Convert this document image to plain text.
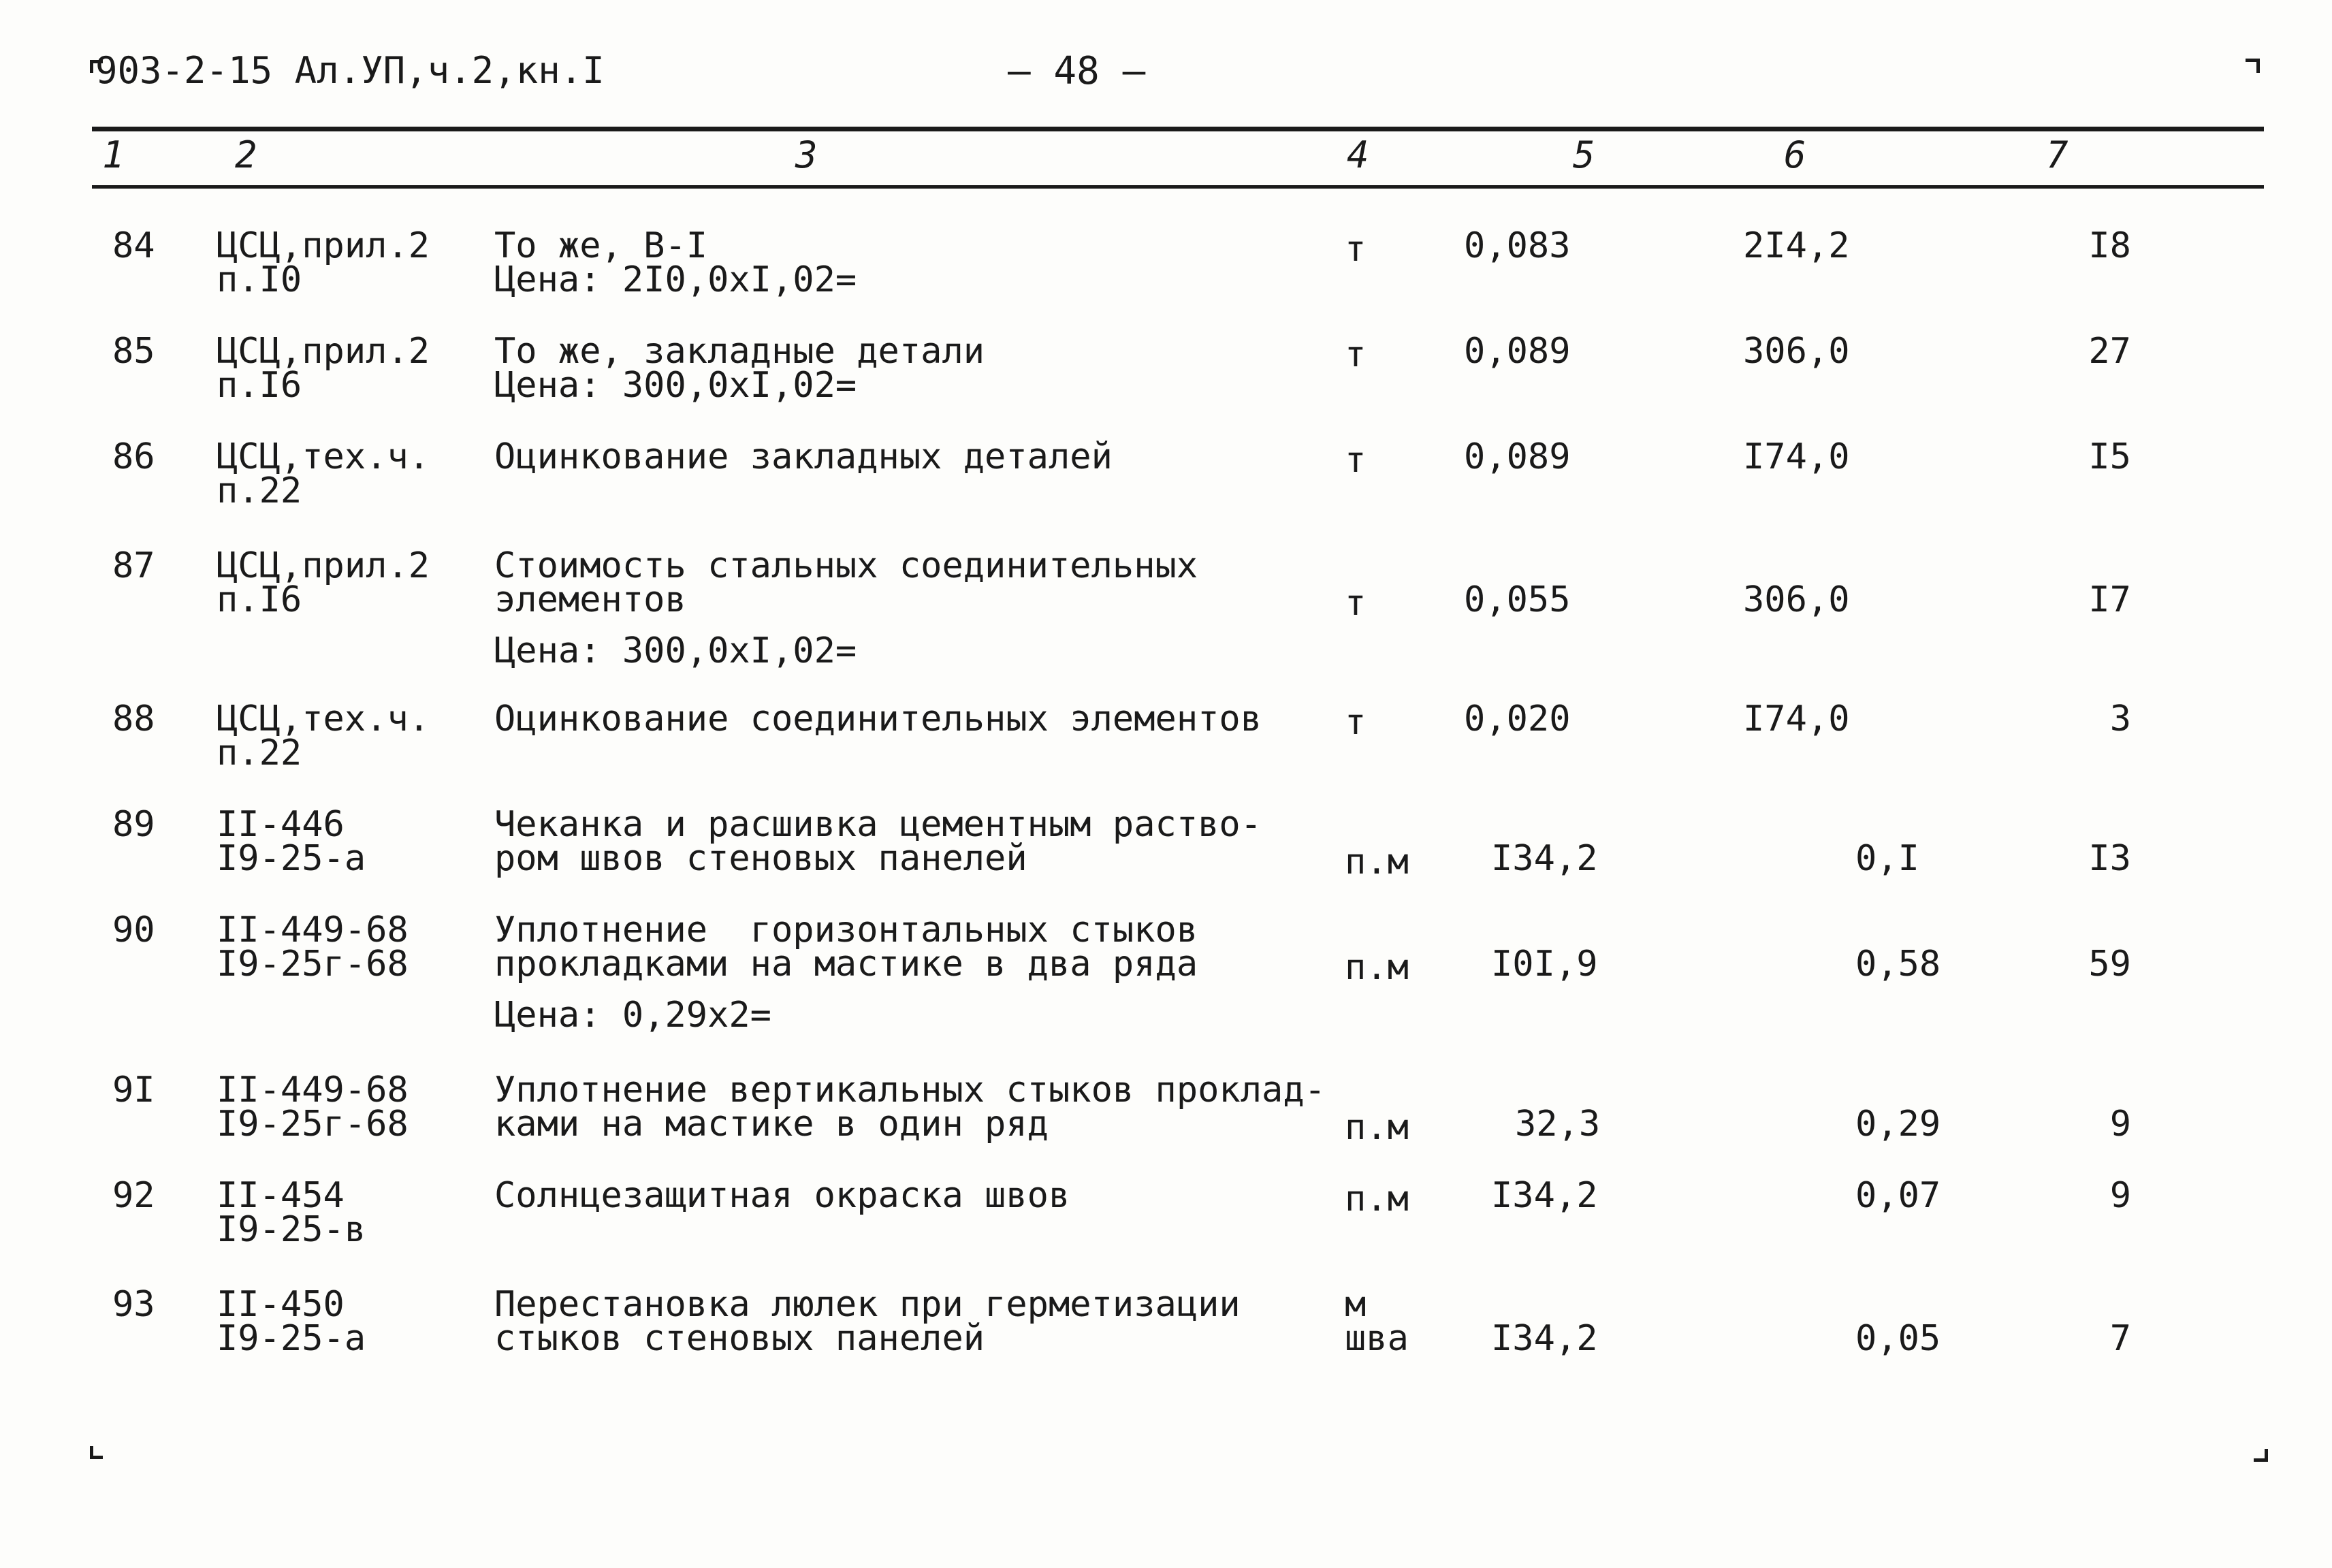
903-2-15 Ал.УП,ч.2,кн.I	— 48 —
1	2	3	4	5	6	7
84 ЦСЦ,прил.2
п.I0
То же, В-I
Цена: 2I0,0xI,02=
т	0,083	2I4,2	I8
85 ЦСЦ,прил.2
п.I6
То же, закладные детали
Цена: 300,0xI,02=
т	0,089	306,0	27
86 ЦСЦ,тех.ч.
п.22
Оцинкование закладных деталей	т	0,089	I74,0	I5
87 ЦСЦ,прил.2
п.I6
Стоимость стальных соединительных
элементов
Цена: 300,0xI,02=
т	0,055	306,0	I7
88 ЦСЦ,тех.ч.
п.22
Оцинкование соединительных элементов т	0,020	I74,0	3
89 II-446
I9-25-а
Чеканка и расшивка цементным раство-
ром швов стеновых панелей	п.м I34,2	0,I	I3
90 II-449-68
I9-25г-68
Уплотнение  горизонтальных стыков
прокладками на мастике в два ряда
Цена: 0,29x2=
п.м I0I,9	0,58	59
9I II-449-68
I9-25г-68
Уплотнение вертикальных стыков проклад-
ками на мастике в один ряд	п.м	32,3	0,29	9
92 II-454
I9-25-в
Солнцезащитная окраска швов	п.м I34,2	0,07	9
93 II-450
I9-25-а
Перестановка люлек при герметизации
стыков стеновых панелей
м
шва I34,2	0,05	7
